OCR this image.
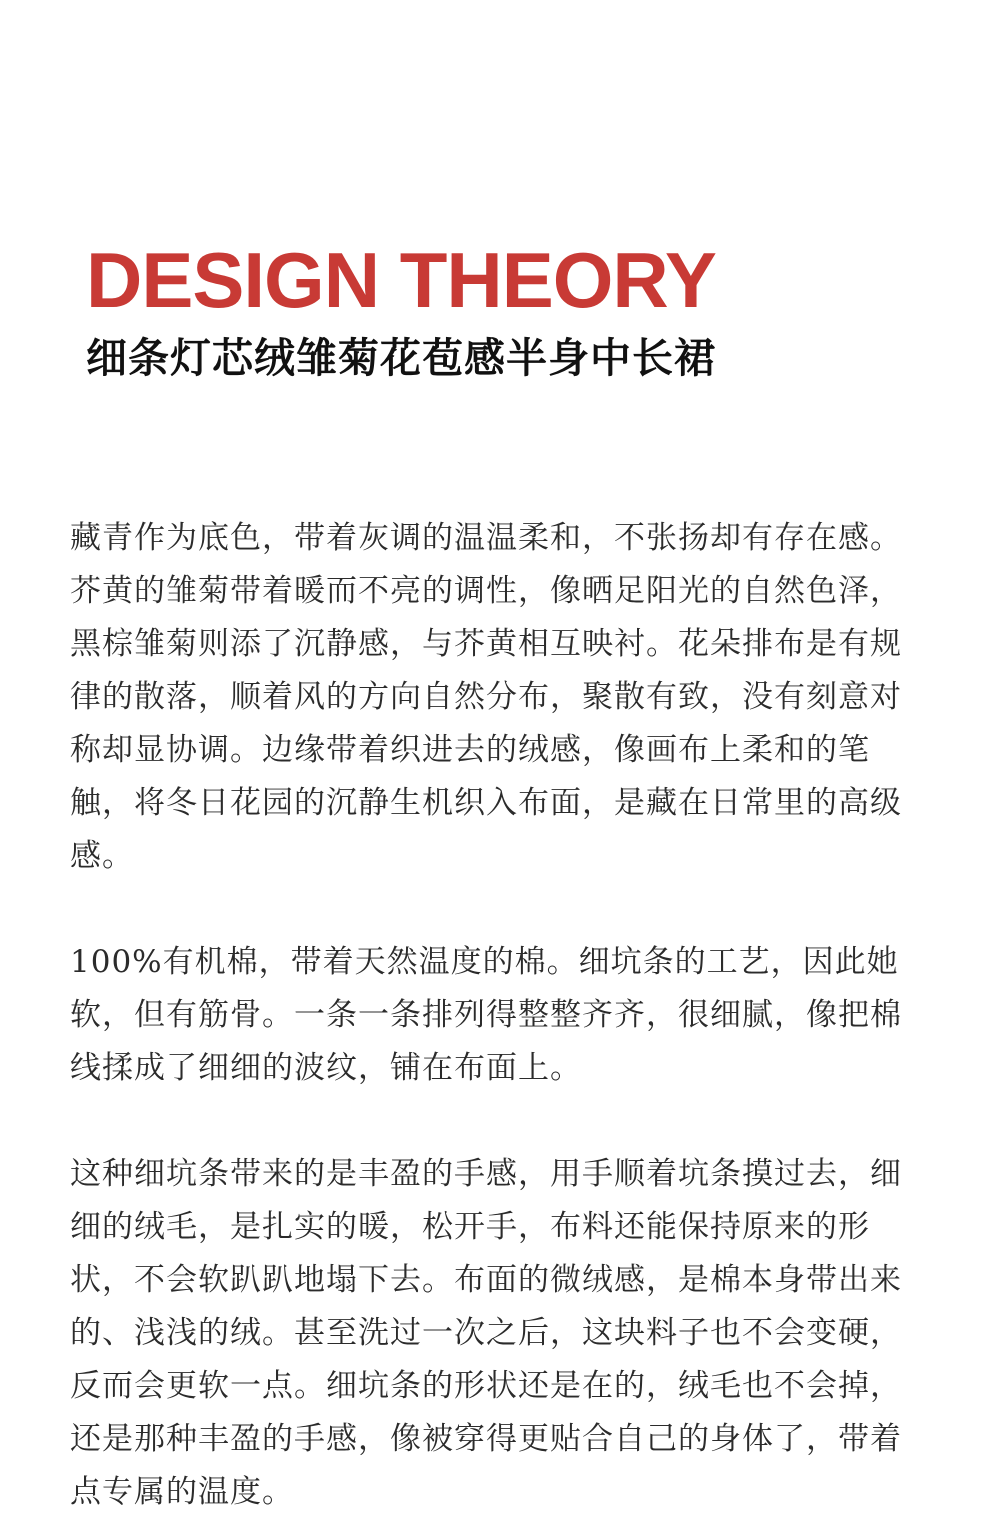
DESIGN THEORY
细条灯芯绒雏菊花苞感半身中长裙

藏青作为底色，带着灰调的温温柔和，不张扬却有存在感。芥黄的雏菊带着暖而不亮的调性，像晒足阳光的自然色泽，黑棕雏菊则添了沉静感，与芥黄相互映衬。花朵排布是有规律的散落，顺着风的方向自然分布，聚散有致，没有刻意对称却显协调。边缘带着织进去的绒感，像画布上柔和的笔触，将冬日花园的沉静生机织入布面，是藏在日常里的高级感。

100%有机棉，带着天然温度的棉。细坑条的工艺，因此她软，但有筋骨。一条一条排列得整整齐齐，很细腻，像把棉线揉成了细细的波纹，铺在布面上。

这种细坑条带来的是丰盈的手感，用手顺着坑条摸过去，细细的绒毛，是扎实的暖，松开手，布料还能保持原来的形状，不会软趴趴地塌下去。布面的微绒感，是棉本身带出来的、浅浅的绒。甚至洗过一次之后，这块料子也不会变硬，反而会更软一点。细坑条的形状还是在的，绒毛也不会掉，还是那种丰盈的手感，像被穿得更贴合自己的身体了，带着点专属的温度。
